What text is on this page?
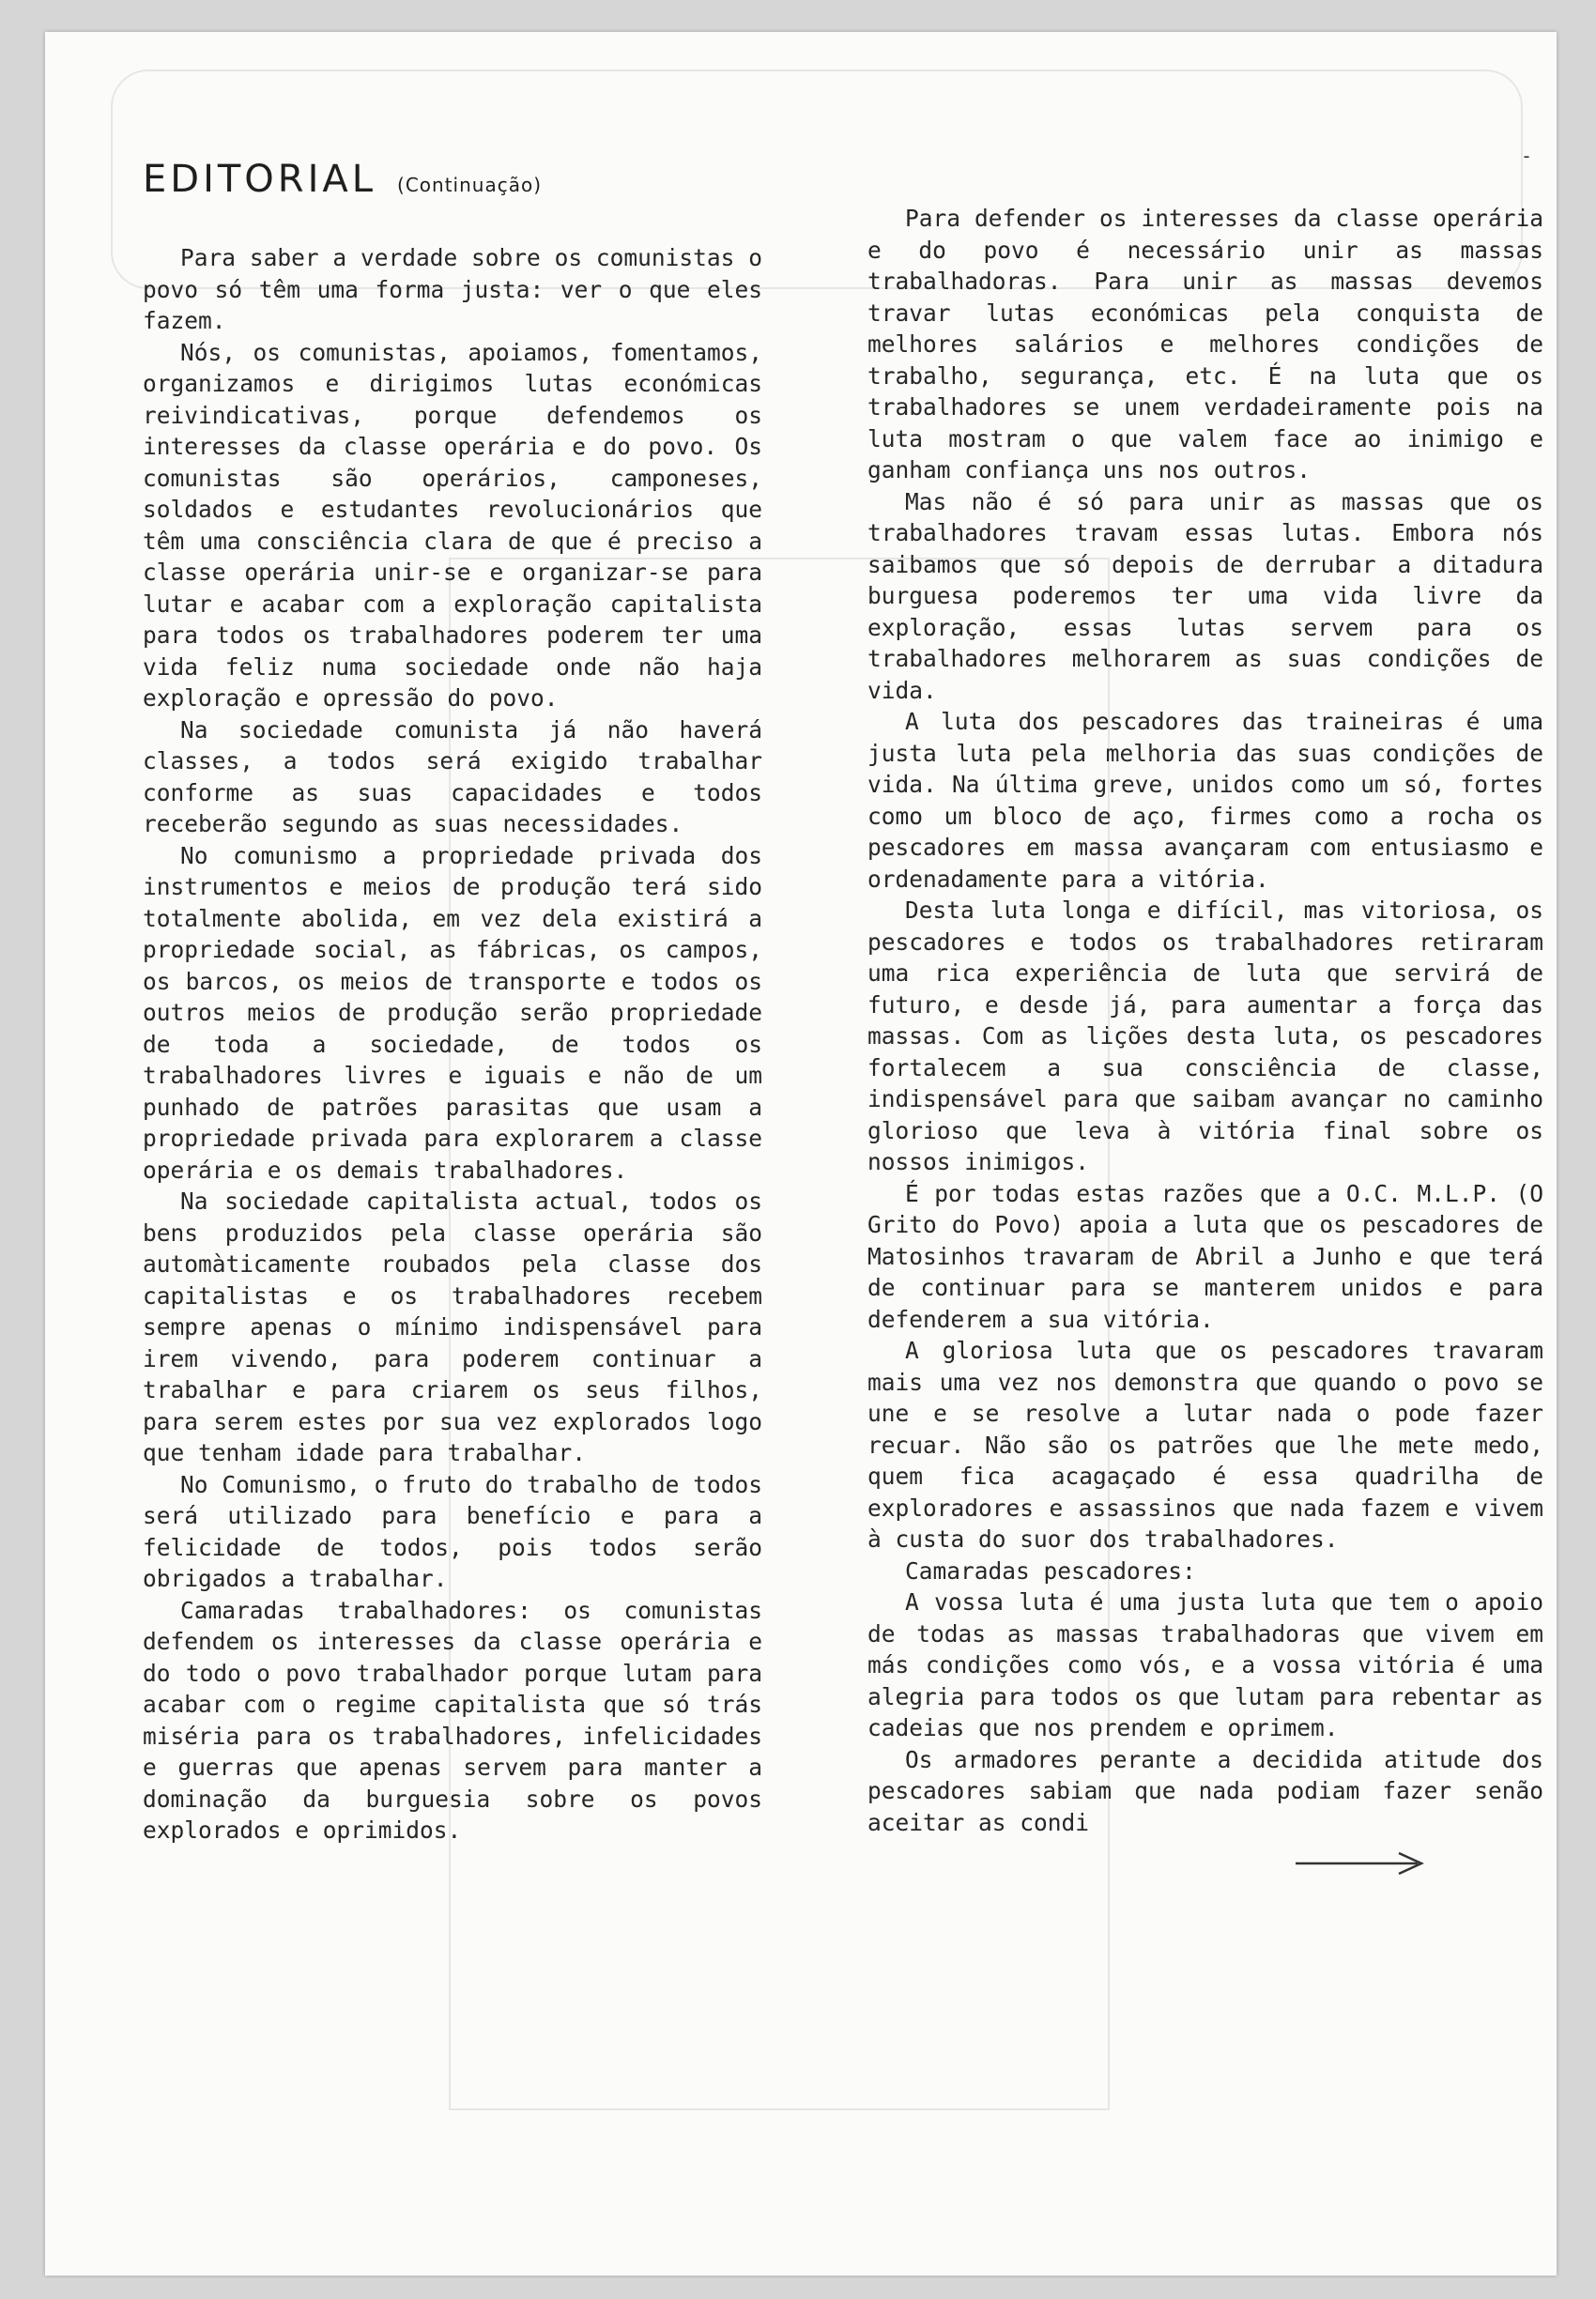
-
EDITORIAL (Continuação)

Para saber a verdade sobre os comunistas o povo só têm uma forma justa: ver o que eles fazem.

Nós, os comunistas, apoiamos, fomentamos, organizamos e dirigimos lutas económicas reivindicativas, porque defendemos os interesses da classe operária e do povo. Os comunistas são operários, camponeses, soldados e estudantes revolucionários que têm uma consciência clara de que é preciso a classe operária unir-se e organizar-se para lutar e acabar com a exploração capitalista para todos os trabalhadores poderem ter uma vida feliz numa sociedade onde não haja exploração e opressão do povo.

Na sociedade comunista já não haverá classes, a todos será exigido trabalhar conforme as suas capacidades e todos receberão segundo as suas necessidades.

No comunismo a propriedade privada dos instrumentos e meios de produção terá sido totalmente abolida, em vez dela existirá a propriedade social, as fábricas, os campos, os barcos, os meios de transporte e todos os outros meios de produção serão propriedade de toda a sociedade, de todos os trabalhadores livres e iguais e não de um punhado de patrões parasitas que usam a propriedade privada para explorarem a classe operária e os demais trabalhadores.

Na sociedade capitalista actual, todos os bens produzidos pela classe operária são automàticamente roubados pela classe dos capitalistas e os trabalhadores recebem sempre apenas o mínimo indispensável para irem vivendo, para poderem continuar a trabalhar e para criarem os seus filhos, para serem estes por sua vez explorados logo que tenham idade para trabalhar.

No Comunismo, o fruto do trabalho de todos será utilizado para benefício e para a felicidade de todos, pois todos serão obrigados a trabalhar.

Camaradas trabalhadores: os comunistas defendem os interesses da classe operária e do todo o povo trabalhador porque lutam para acabar com o regime capitalista que só trás miséria para os trabalhadores, infelicidades e guerras que apenas servem para manter a dominação da burguesia sobre os povos explorados e oprimidos.

Para defender os interesses da classe operária e do povo é necessário unir as massas trabalhadoras. Para unir as massas devemos travar lutas económicas pela conquista de melhores salários e melhores condições de trabalho, segurança, etc. É na luta que os trabalhadores se unem verdadeiramente pois na luta mostram o que valem face ao inimigo e ganham confiança uns nos outros.

Mas não é só para unir as massas que os trabalhadores travam essas lutas. Embora nós saibamos que só depois de derrubar a ditadura burguesa poderemos ter uma vida livre da exploração, essas lutas servem para os trabalhadores melhorarem as suas condições de vida.

A luta dos pescadores das traineiras é uma justa luta pela melhoria das suas condições de vida. Na última greve, unidos como um só, fortes como um bloco de aço, firmes como a rocha os pescadores em massa avançaram com entusiasmo e ordenadamente para a vitória.

Desta luta longa e difícil, mas vitoriosa, os pescadores e todos os trabalhadores retiraram uma rica experiência de luta que servirá de futuro, e desde já, para aumentar a força das massas. Com as lições desta luta, os pescadores fortalecem a sua consciência de classe, indispensável para que saibam avançar no caminho glorioso que leva à vitória final sobre os nossos inimigos.

É por todas estas razões que a O.C. M.L.P. (O Grito do Povo) apoia a luta que os pescadores de Matosinhos travaram de Abril a Junho e que terá de continuar para se manterem unidos e para defenderem a sua vitória.

A gloriosa luta que os pescadores travaram mais uma vez nos demonstra que quando o povo se une e se resolve a lutar nada o pode fazer recuar. Não são os patrões que lhe mete medo, quem fica acagaçado é essa quadrilha de exploradores e assassinos que nada fazem e vivem à custa do suor dos trabalhadores.

Camaradas pescadores:

A vossa luta é uma justa luta que tem o apoio de todas as massas trabalhadoras que vivem em más condições como vós, e a vossa vitória é uma alegria para todos os que lutam para rebentar as cadeias que nos prendem e oprimem.

Os armadores perante a decidida atitude dos pescadores sabiam que nada podiam fazer senão aceitar as condi
